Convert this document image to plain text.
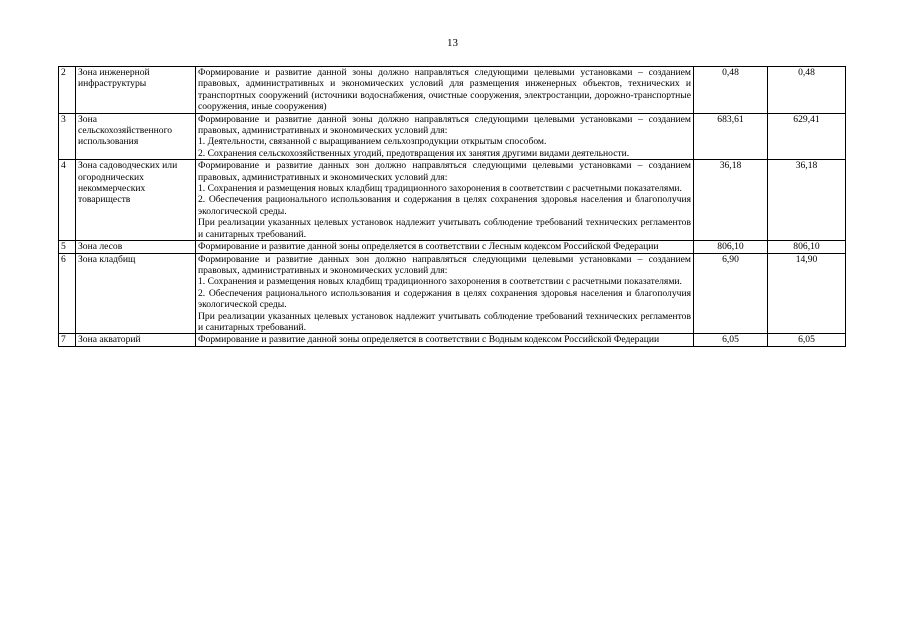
13
2	Зона инженерной инфраструктуры	Формирование и развитие данной зоны должно направляться следующими целевыми установками – созданием правовых, административных и экономических условий для размещения инженерных объектов, технических и транспортных сооружений (источники водоснабжения, очистные сооружения, электростанции, дорожно-транспортные сооружения, иные сооружения)	0,48	0,48
3	Зона сельскохозяйственного использования	Формирование и развитие данной зоны должно направляться следующими целевыми установками – созданием правовых, административных и экономических условий для:
1. Деятельности, связанной с выращиванием сельхозпродукции открытым способом.
2. Сохранения сельскохозяйственных угодий, предотвращения их занятия другими видами деятельности.	683,61	629,41
4	Зона садоводческих или огороднических некоммерческих товариществ	Формирование и развитие данных зон должно направляться следующими целевыми установками – созданием правовых, административных и экономических условий для:
1. Сохранения и размещения новых кладбищ традиционного захоронения в соответствии с расчетными показателями.
2. Обеспечения рационального использования и содержания в целях сохранения здоровья населения и благополучия экологической среды.
При реализации указанных целевых установок надлежит учитывать соблюдение требований технических регламентов и санитарных требований.	36,18	36,18
5	Зона лесов	Формирование и развитие данной зоны определяется в соответствии с Лесным кодексом Российской Федерации	806,10	806,10
6	Зона кладбищ	Формирование и развитие данных зон должно направляться следующими целевыми установками – созданием правовых, административных и экономических условий для:
1. Сохранения и размещения новых кладбищ традиционного захоронения в соответствии с расчетными показателями.
2. Обеспечения рационального использования и содержания в целях сохранения здоровья населения и благополучия экологической среды.
При реализации указанных целевых установок надлежит учитывать соблюдение требований технических регламентов и санитарных требований.	6,90	14,90
7	Зона акваторий	Формирование и развитие данной зоны определяется в соответствии с Водным кодексом Российской Федерации	6,05	6,05
